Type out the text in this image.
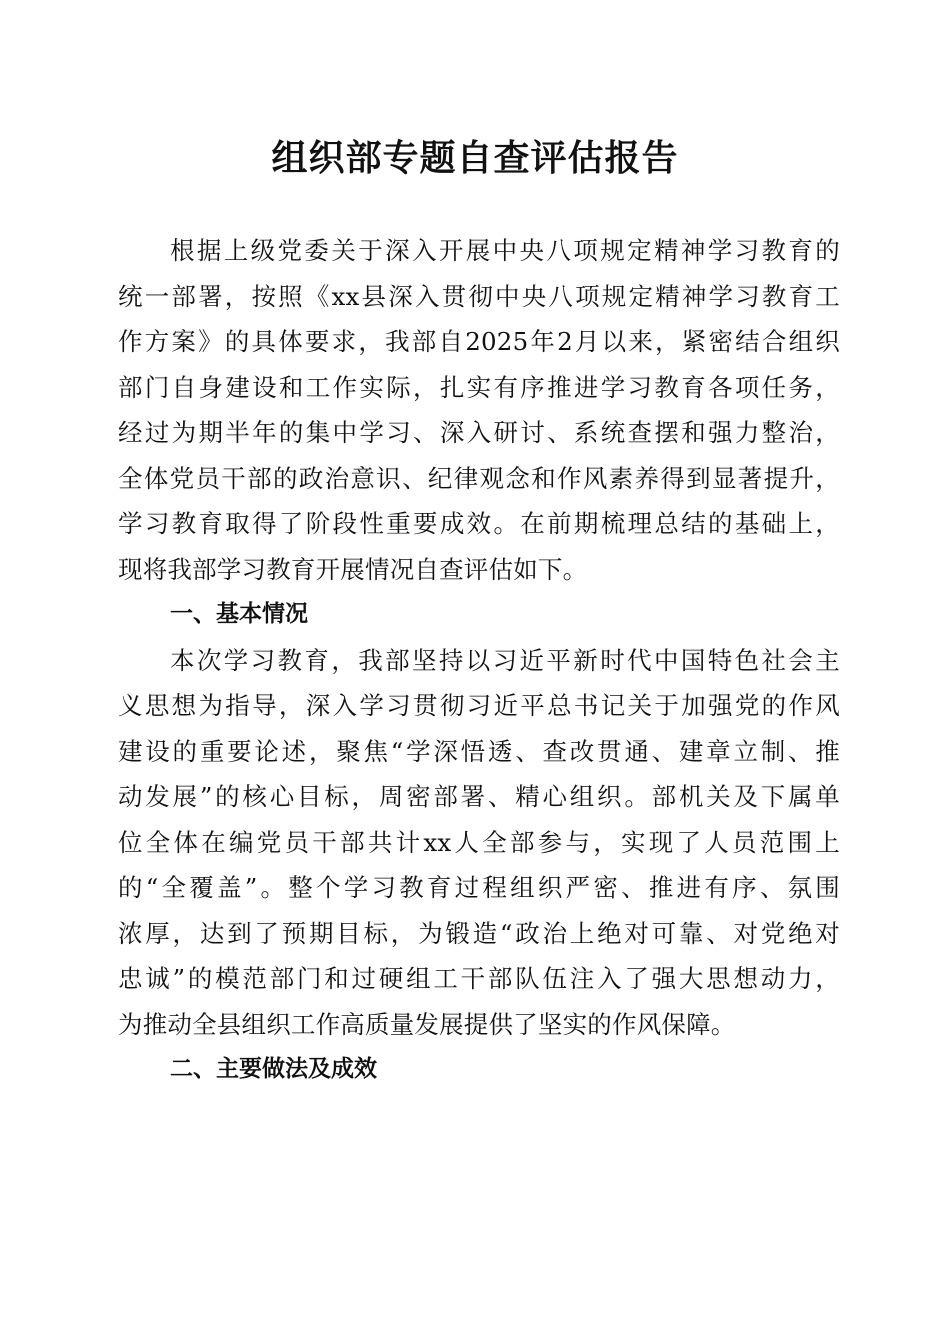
组织部专题自查评估报告
根据上级党委关于深入开展中央八项规定精神学习教育的
统一部署，按照《xx县深入贯彻中央八项规定精神学习教育工
作方案》的具体要求，我部自2025年2月以来，紧密结合组织
部门自身建设和工作实际，扎实有序推进学习教育各项任务，
经过为期半年的集中学习、深入研讨、系统查摆和强力整治，
全体党员干部的政治意识、纪律观念和作风素养得到显著提升，
学习教育取得了阶段性重要成效。在前期梳理总结的基础上，
现将我部学习教育开展情况自查评估如下。
一、基本情况
本次学习教育，我部坚持以习近平新时代中国特色社会主
义思想为指导，深入学习贯彻习近平总书记关于加强党的作风
建设的重要论述，聚焦“学深悟透、查改贯通、建章立制、推
动发展”的核心目标，周密部署、精心组织。部机关及下属单
位全体在编党员干部共计xx人全部参与，实现了人员范围上
的“全覆盖”。整个学习教育过程组织严密、推进有序、氛围
浓厚，达到了预期目标，为锻造“政治上绝对可靠、对党绝对
忠诚”的模范部门和过硬组工干部队伍注入了强大思想动力，
为推动全县组织工作高质量发展提供了坚实的作风保障。
二、主要做法及成效
